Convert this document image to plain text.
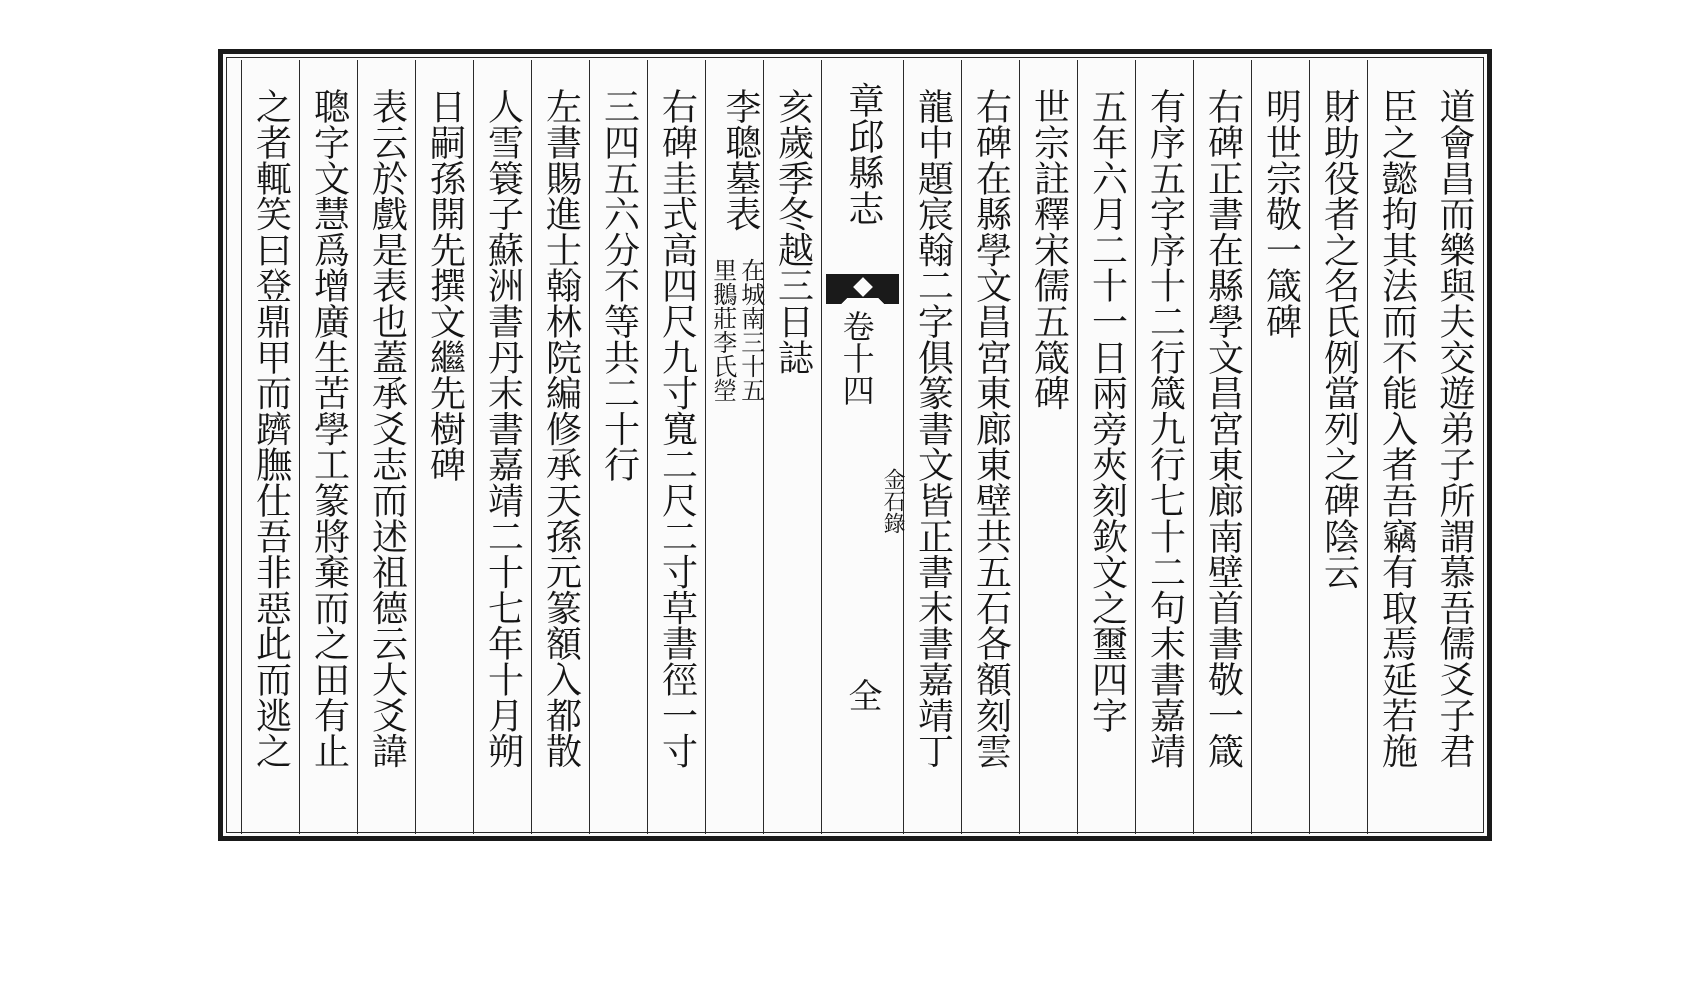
道會昌而樂與夫交遊弟子所謂慕吾儒爻子君
臣之懿拘其法而不能入者吾竊有取焉延若施
財助役者之名氏例當列之碑陰云
明世宗敬一箴碑
右碑正書在縣學文昌宮東廊南壁首書敬一箴
有序五字序十二行箴九行七十二句末書嘉靖
五年六月二十一日兩旁夾刻欽文之璽四字
世宗註釋宋儒五箴碑
右碑在縣學文昌宮東廊東壁共五石各額刻雲
龍中題宸翰二字俱篆書文皆正書末書嘉靖丁
章邱縣志
卷十四
金石錄
全
亥歲季冬越三日誌
李聰墓表
在城南三十五
里鵝莊李氏塋
右碑圭式高四尺九寸寬二尺二寸草書徑一寸
三四五六分不等共二十行
左書賜進士翰林院編修承天孫元篆額入都散
人雪簑子蘇洲書丹末書嘉靖二十七年十月朔
日嗣孫開先撰文繼先樹碑
表云於戲是表也蓋承爻志而述祖德云大爻諱
聰字文慧爲增廣生苦學工篆將棄而之田有止
之者輒笑曰登鼎甲而躋膴仕吾非惡此而逃之
